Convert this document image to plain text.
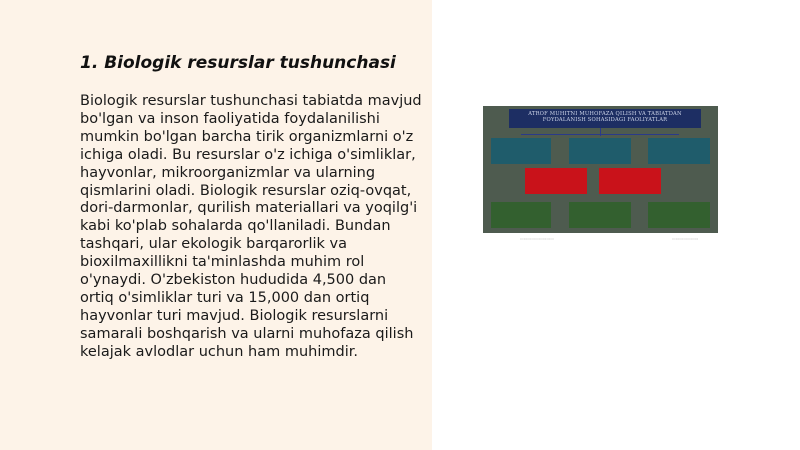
1. Biologik resurslar tushunchasi

Biologik resurslar tushunchasi tabiatda mavjud bo'lgan va inson faoliyatida foydalanilishi mumkin bo'lgan barcha tirik organizmlarni o'z ichiga oladi. Bu resurslar o'z ichiga o'simliklar, hayvonlar, mikroorganizmlar va ularning qismlarini oladi. Biologik resurslar oziq-ovqat, dori-darmonlar, qurilish materiallari va yoqilg'i kabi ko'plab sohalarda qo'llaniladi. Bundan tashqari, ular ekologik barqarorlik va bioxilmaxillikni ta'minlashda muhim rol o'ynaydi. O'zbekiston hududida 4,500 dan ortiq o'simliklar turi va 15,000 dan ortiq hayvonlar turi mavjud. Biologik resurslarni samarali boshqarish va ularni muhofaza qilish kelajak avlodlar uchun ham muhimdir.

ATROF MUHITNI MUHOFAZA QILISH VA TABIATDAN FOYDALANISH SOHASIDAGI FAOLIYATLAR
▭▭▭▭▭▭▭▭▭	▭▭▭▭▭▭▭
